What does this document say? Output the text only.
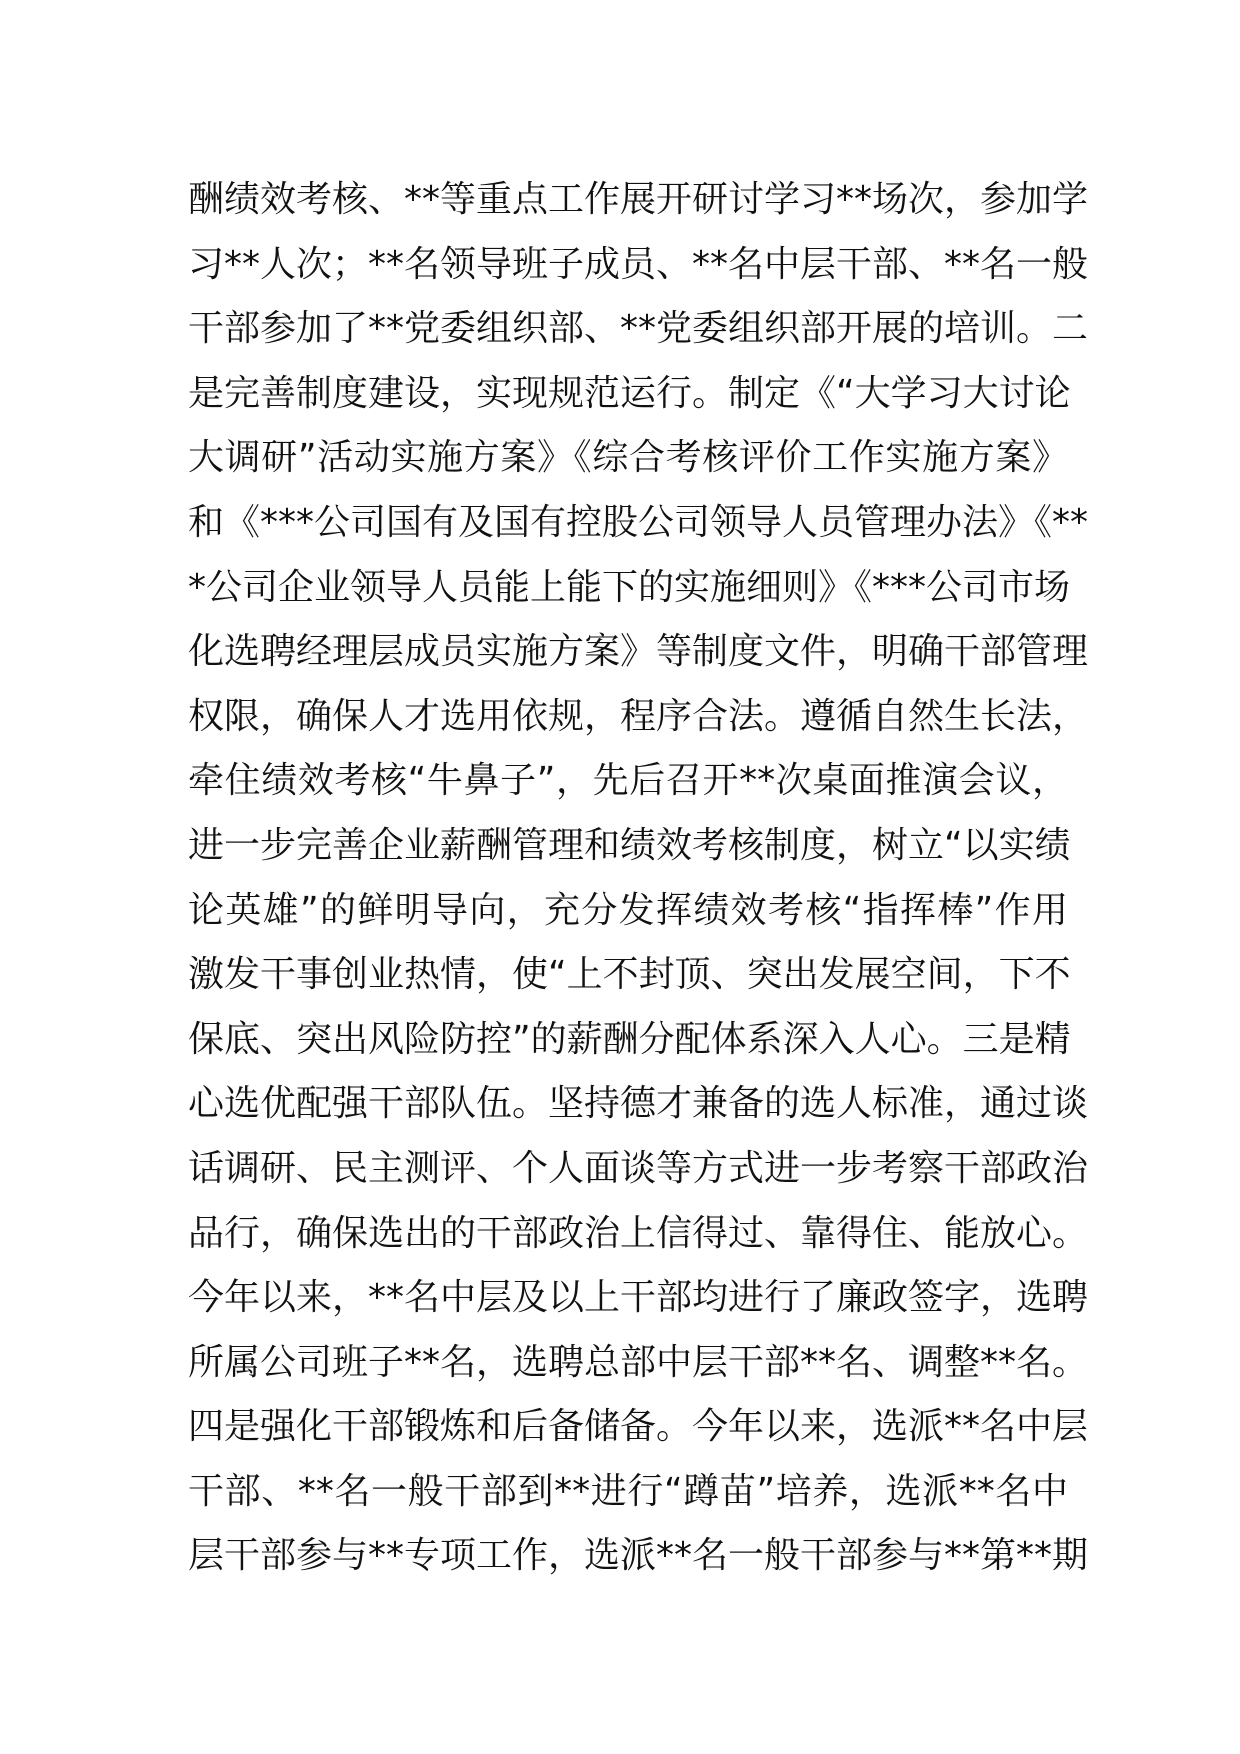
酬绩效考核、**等重点工作展开研讨学习**场次，参加学
习**人次；**名领导班子成员、**名中层干部、**名一般
干部参加了**党委组织部、**党委组织部开展的培训。二
是完善制度建设，实现规范运行。制定《“大学习大讨论
大调研”活动实施方案》《综合考核评价工作实施方案》
和《***公司国有及国有控股公司领导人员管理办法》《**
*公司企业领导人员能上能下的实施细则》《***公司市场
化选聘经理层成员实施方案》等制度文件，明确干部管理
权限，确保人才选用依规，程序合法。遵循自然生长法，
牵住绩效考核“牛鼻子”，先后召开**次桌面推演会议，
进一步完善企业薪酬管理和绩效考核制度，树立“以实绩
论英雄”的鲜明导向，充分发挥绩效考核“指挥棒”作用
激发干事创业热情，使“上不封顶、突出发展空间，下不
保底、突出风险防控”的薪酬分配体系深入人心。三是精
心选优配强干部队伍。坚持德才兼备的选人标准，通过谈
话调研、民主测评、个人面谈等方式进一步考察干部政治
品行，确保选出的干部政治上信得过、靠得住、能放心。
今年以来，**名中层及以上干部均进行了廉政签字，选聘
所属公司班子**名，选聘总部中层干部**名、调整**名。
四是强化干部锻炼和后备储备。今年以来，选派**名中层
干部、**名一般干部到**进行“蹲苗”培养，选派**名中
层干部参与**专项工作，选派**名一般干部参与**第**期
